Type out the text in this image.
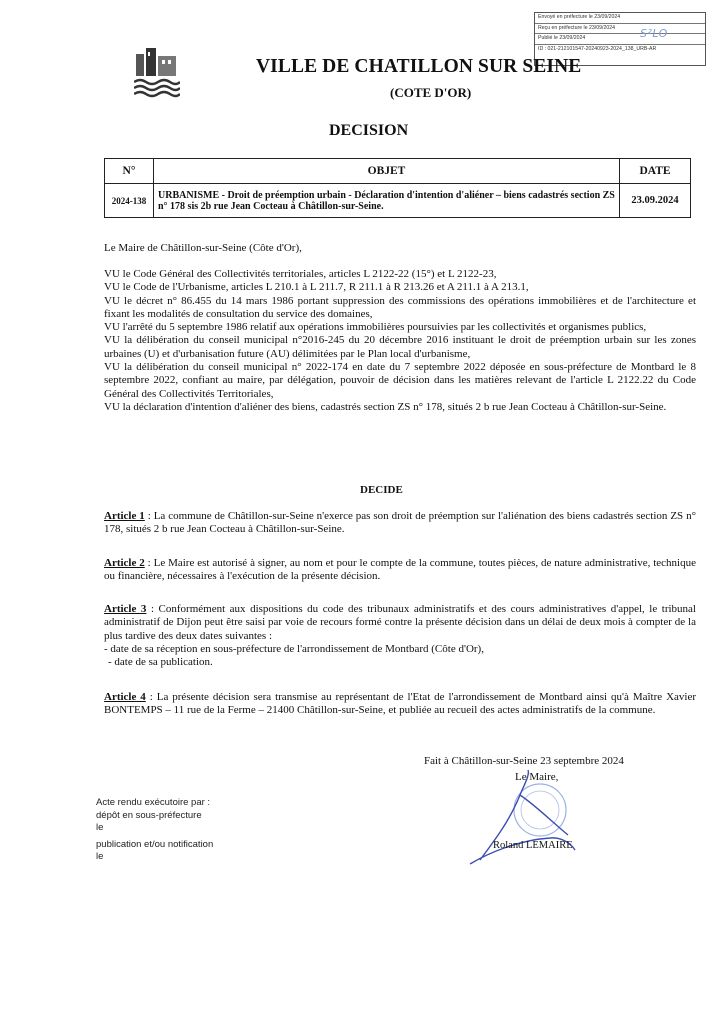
Envoyé en préfecture le 23/09/2024
Reçu en préfecture le 23/09/2024
Publié le 23/09/2024
ID : 021-212101547-20240923-2024_138_URB-AR
S²LO
VILLE DE CHATILLON SUR SEINE
(COTE D'OR)
DECISION
N°	OBJET	DATE
2024-138	URBANISME - Droit de préemption urbain - Déclaration d'intention d'aliéner – biens cadastrés section ZS n° 178 sis 2b rue Jean Cocteau à Châtillon-sur-Seine.	23.09.2024
Le Maire de Châtillon-sur-Seine (Côte d'Or),

VU le Code Général des Collectivités territoriales, articles L 2122-22 (15°) et L 2122-23,

VU le Code de l'Urbanisme, articles L 210.1 à L 211.7, R 211.1 à R 213.26 et A 211.1 à A 213.1,

VU le décret n° 86.455 du 14 mars 1986 portant suppression des commissions des opérations immobilières et de l'architecture et fixant les modalités de consultation du service des domaines,

VU l'arrêté du 5 septembre 1986 relatif aux opérations immobilières poursuivies par les collectivités et organismes publics,

VU la délibération du conseil municipal n°2016-245 du 20 décembre 2016 instituant le droit de préemption urbain sur les zones urbaines (U) et d'urbanisation future (AU) délimitées par le Plan local d'urbanisme,

VU la délibération du conseil municipal n° 2022-174 en date du 7 septembre 2022 déposée en sous-préfecture de Montbard le 8 septembre 2022, confiant au maire, par délégation, pouvoir de décision dans les matières relevant de l'article L 2122.22 du Code Général des Collectivités Territoriales,

VU la déclaration d'intention d'aliéner des biens, cadastrés section ZS n° 178, situés 2 b rue Jean Cocteau à Châtillon-sur-Seine.

DECIDE

Article 1 : La commune de Châtillon-sur-Seine n'exerce pas son droit de préemption sur l'aliénation des biens cadastrés section ZS n° 178, situés 2 b rue Jean Cocteau à Châtillon-sur-Seine.

Article 2 : Le Maire est autorisé à signer, au nom et pour le compte de la commune, toutes pièces, de nature administrative, technique ou financière, nécessaires à l'exécution de la présente décision.

Article 3 : Conformément aux dispositions du code des tribunaux administratifs et des cours administratives d'appel, le tribunal administratif de Dijon peut être saisi par voie de recours formé contre la présente décision dans un délai de deux mois à compter de la plus tardive des deux dates suivantes :

- date de sa réception en sous-préfecture de l'arrondissement de Montbard (Côte d'Or),

- date de sa publication.

Article 4 : La présente décision sera transmise au représentant de l'Etat de l'arrondissement de Montbard ainsi qu'à Maître Xavier BONTEMPS – 11 rue de la Ferme – 21400 Châtillon-sur-Seine, et publiée au recueil des actes administratifs de la commune.

Fait à Châtillon-sur-Seine 23 septembre 2024
Le Maire,
Roland LEMAIRE
Acte rendu exécutoire par :
dépôt en sous-préfecture
le
publication et/ou notification
le
